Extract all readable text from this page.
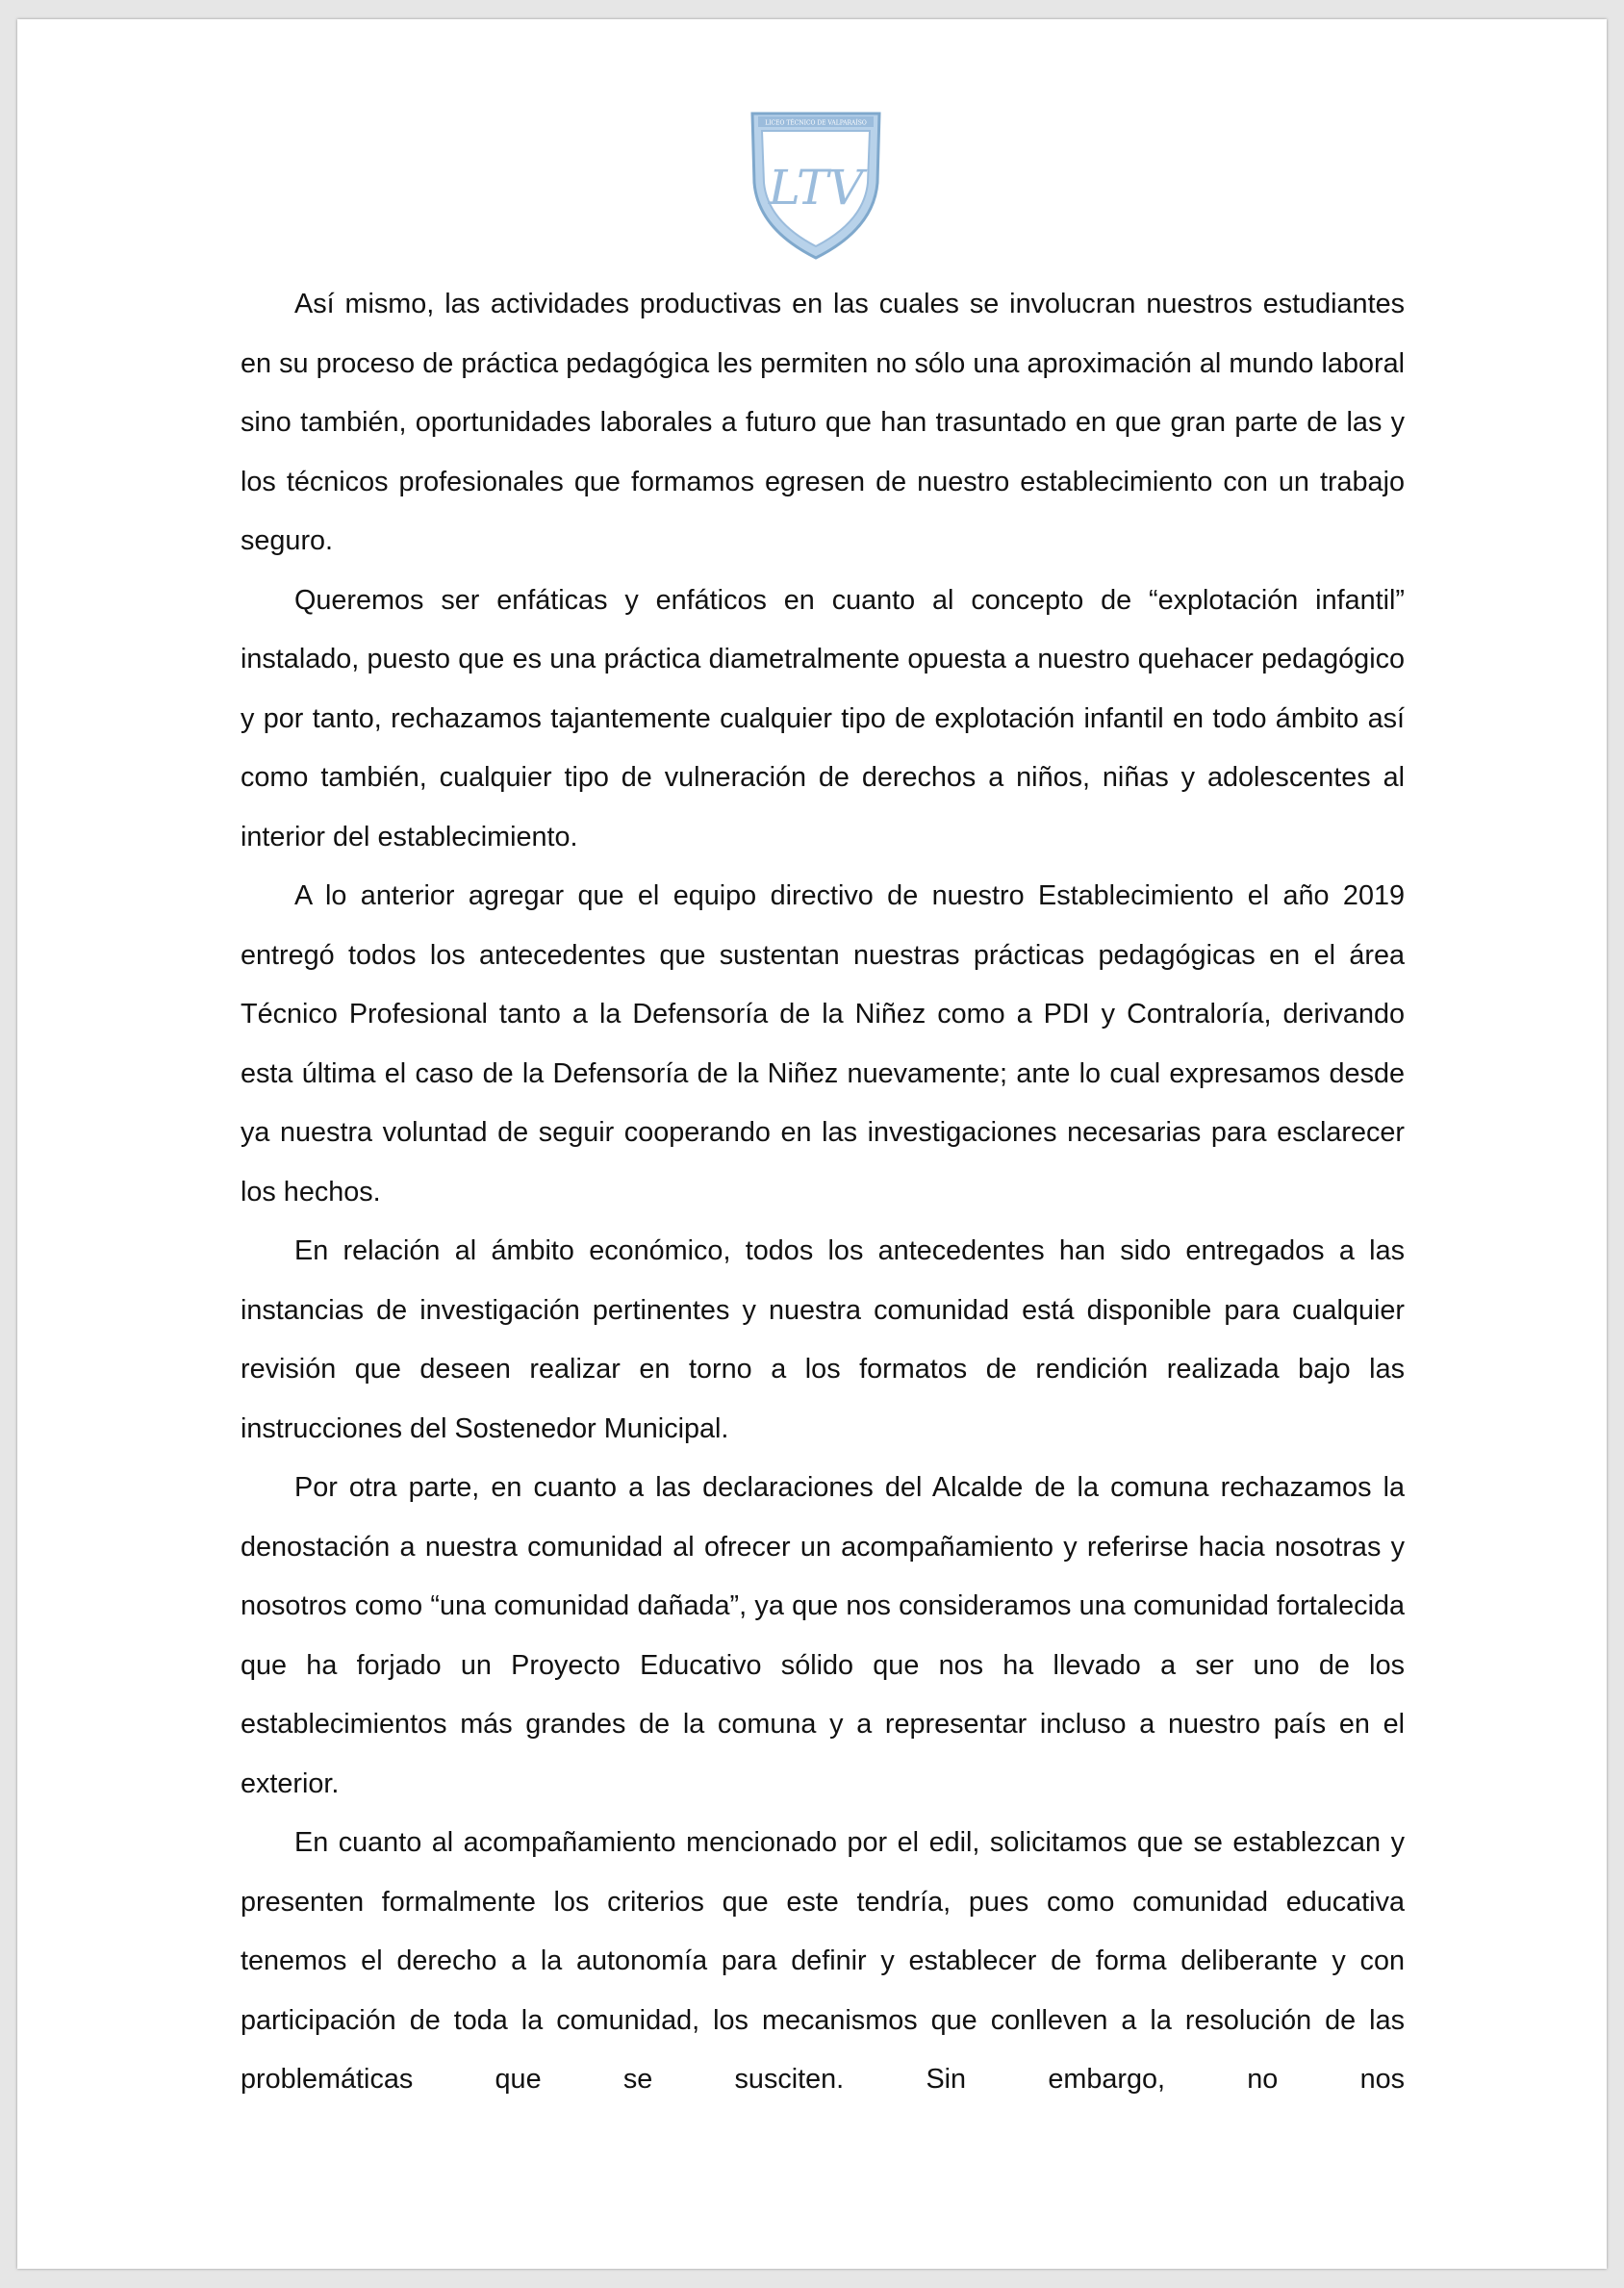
LICEO TÉCNICO DE VALPARAÍSO
LTV

Así mismo, las actividades productivas en las cuales se involucran nuestros estudiantes en su proceso de práctica pedagógica les permiten no sólo una aproximación al mundo laboral sino también, oportunidades laborales a futuro que han trasuntado en que gran parte de las y los técnicos profesionales que formamos egresen de nuestro establecimiento con un trabajo seguro.

Queremos ser enfáticas y enfáticos en cuanto al concepto de “explotación infantil” instalado, puesto que es una práctica diametralmente opuesta a nuestro quehacer pedagógico y por tanto, rechazamos tajantemente cualquier tipo de explotación infantil en todo ámbito así como también, cualquier tipo de vulneración de derechos a niños, niñas y adolescentes al interior del establecimiento.

A lo anterior agregar que el equipo directivo de nuestro Establecimiento el año 2019 entregó todos los antecedentes que sustentan nuestras prácticas pedagógicas en el área Técnico Profesional tanto a la Defensoría de la Niñez como a PDI y Contraloría, derivando esta última el caso de la Defensoría de la Niñez nuevamente; ante lo cual expresamos desde ya nuestra voluntad de seguir cooperando en las investigaciones necesarias para esclarecer los hechos.

En relación al ámbito económico, todos los antecedentes han sido entregados a las instancias de investigación pertinentes y nuestra comunidad está disponible para cualquier revisión que deseen realizar en torno a los formatos de rendición realizada bajo las instrucciones del Sostenedor Municipal.

Por otra parte, en cuanto a las declaraciones del Alcalde de la comuna rechazamos la denostación a nuestra comunidad al ofrecer un acompañamiento y referirse hacia nosotras y nosotros como “una comunidad dañada”, ya que nos consideramos una comunidad fortalecida que ha forjado un Proyecto Educativo sólido que nos ha llevado a ser uno de los establecimientos más grandes de la comuna y a representar incluso a nuestro país en el exterior.

En cuanto al acompañamiento mencionado por el edil, solicitamos que se establezcan y presenten formalmente los criterios que este tendría, pues como comunidad educativa tenemos el derecho a la autonomía para definir y establecer de forma deliberante y con participación de toda la comunidad, los mecanismos que conlleven a la resolución de las problemáticas que se susciten. Sin embargo, no nos
